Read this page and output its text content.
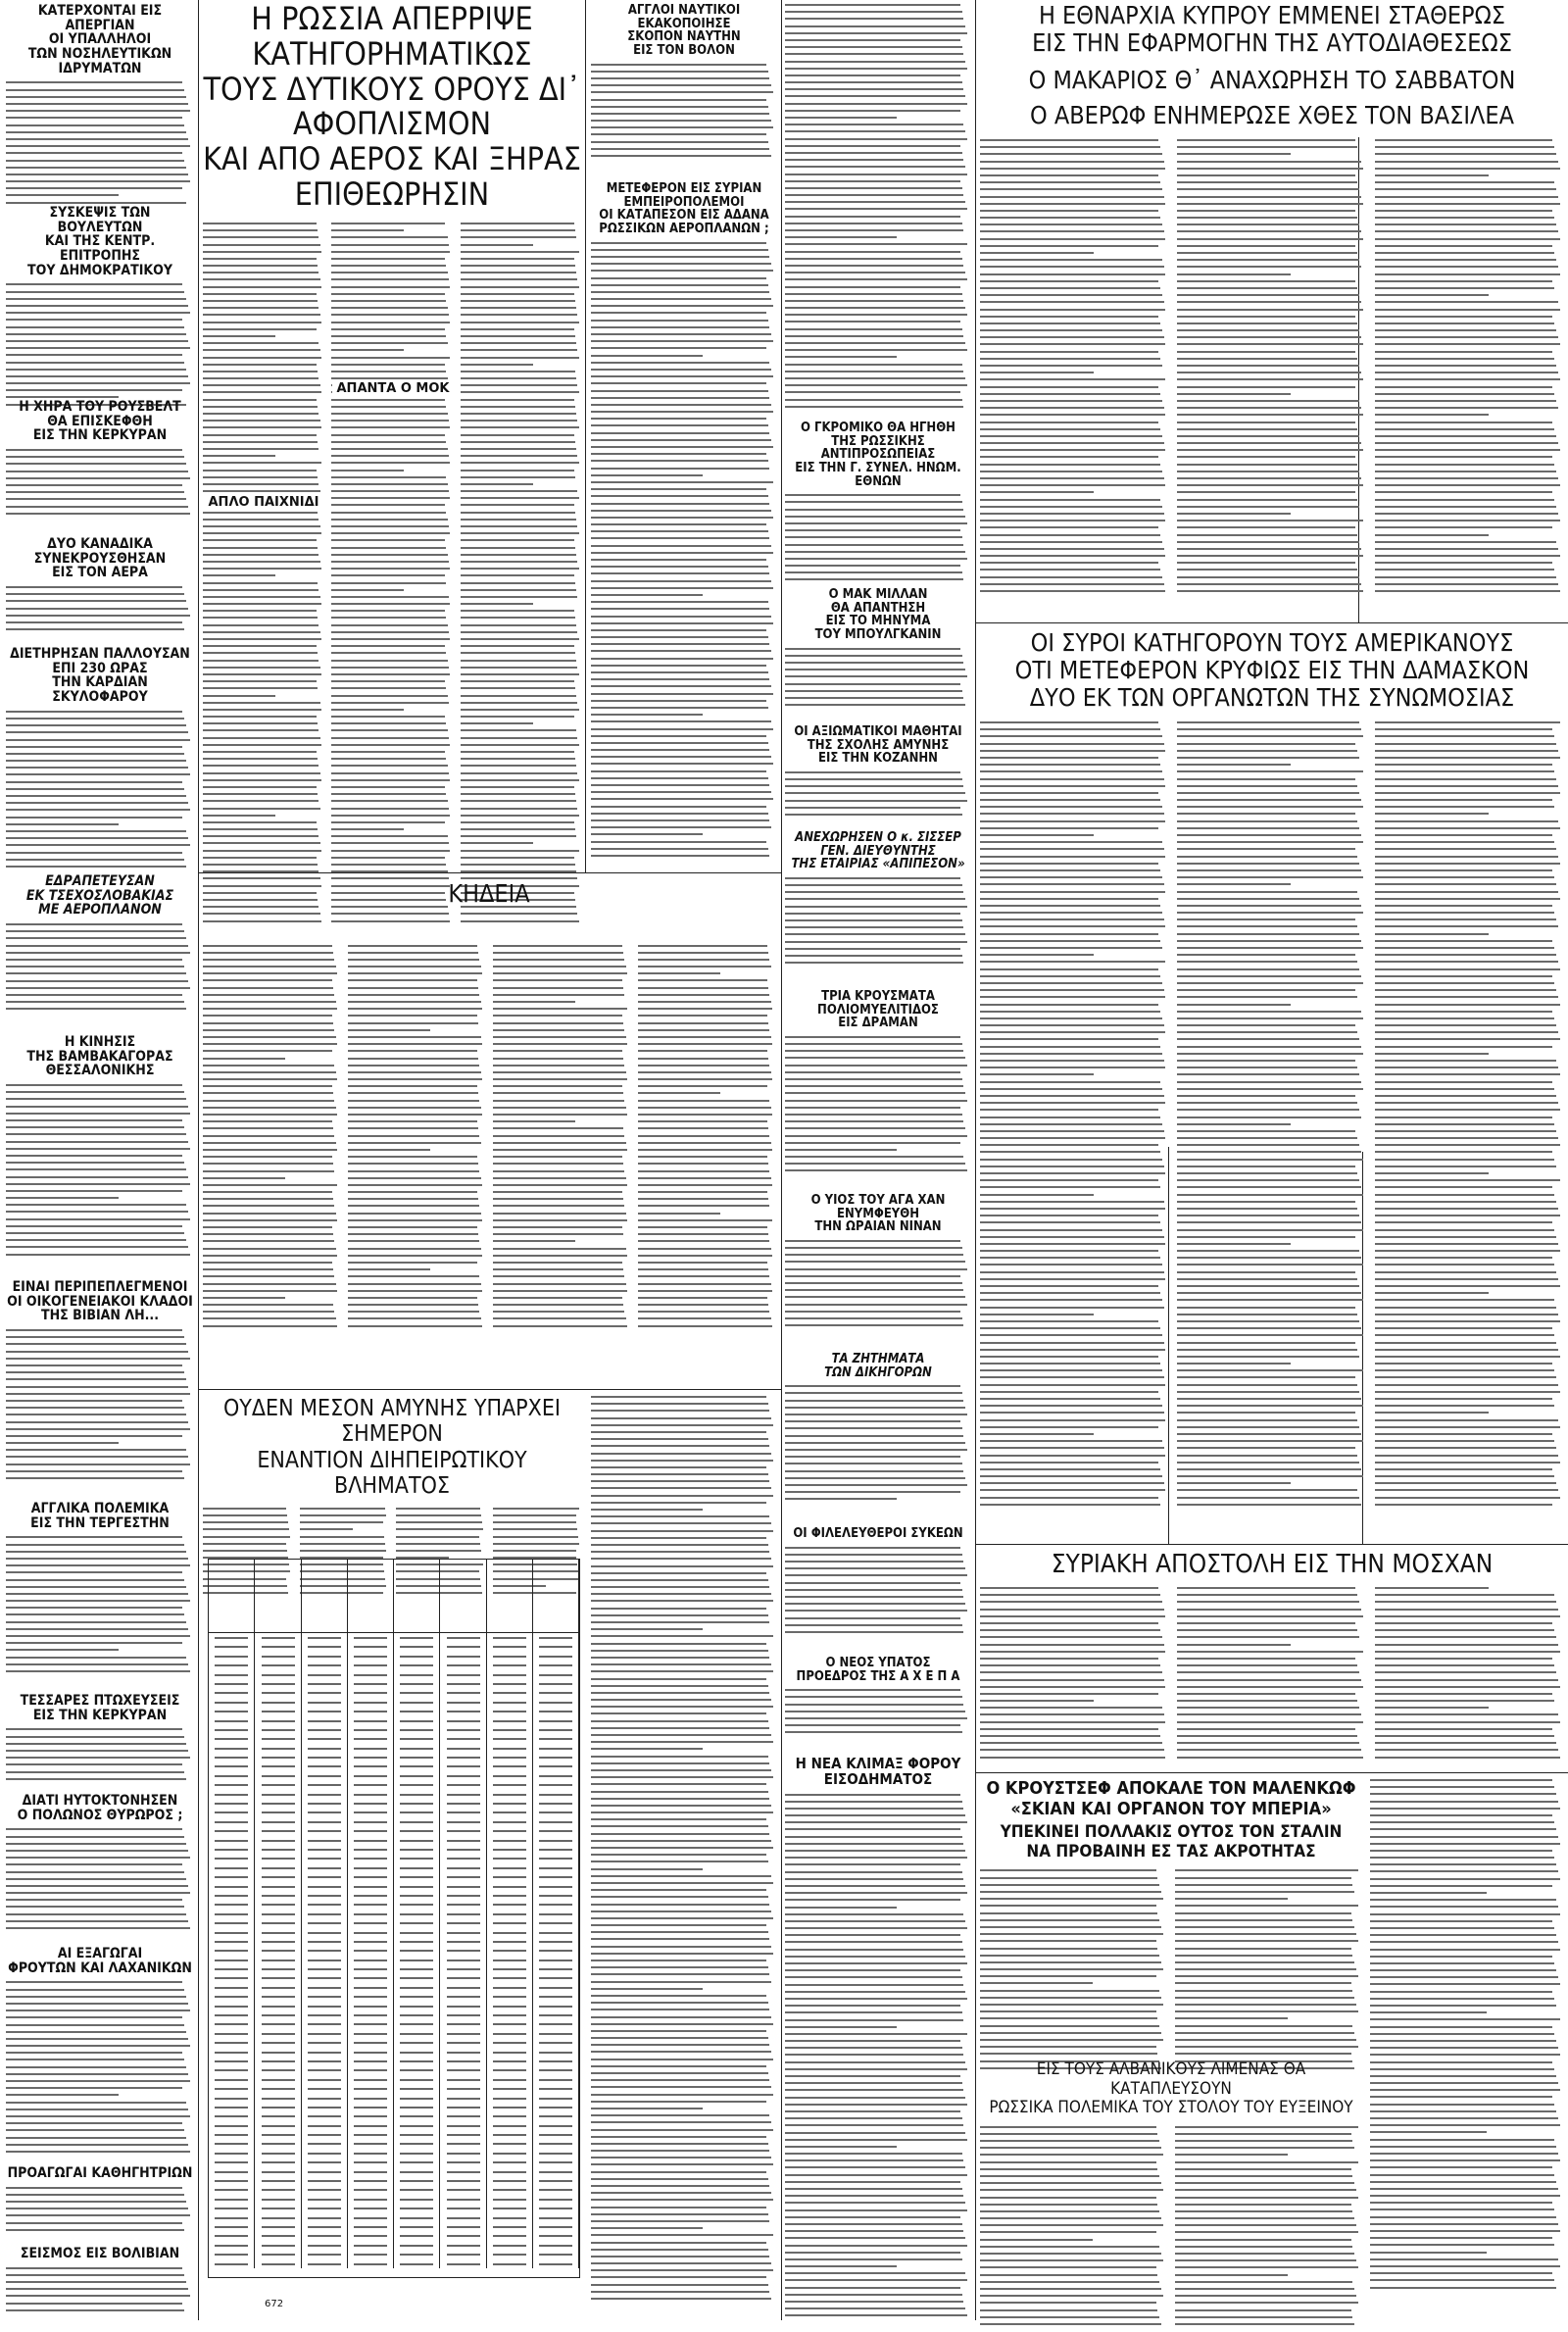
ΚΑΤΕΡΧΟΝΤΑΙ ΕΙΣ ΑΠΕΡΓΙΑΝ
ΟΙ ΥΠΑΛΛΗΛΟΙ
ΤΩΝ ΝΟΣΗΛΕΥΤΙΚΩΝ
ΙΔΡΥΜΑΤΩΝ

ΣΥΣΚΕΨΙΣ ΤΩΝ ΒΟΥΛΕΥΤΩΝ
ΚΑΙ ΤΗΣ ΚΕΝΤΡ. ΕΠΙΤΡΟΠΗΣ
ΤΟΥ ΔΗΜΟΚΡΑΤΙΚΟΥ

Η ΧΗΡΑ ΤΟΥ ΡΟΥΣΒΕΛΤ
ΘΑ ΕΠΙΣΚΕΦΘΗ
ΕΙΣ ΤΗΝ ΚΕΡΚΥΡΑΝ

ΔΥΟ ΚΑΝΑΔΙΚΑ
ΣΥΝΕΚΡΟΥΣΘΗΣΑΝ
ΕΙΣ ΤΟΝ ΑΕΡΑ

ΔΙΕΤΗΡΗΣΑΝ ΠΑΛΛΟΥΣΑΝ
ΕΠΙ 230 ΩΡΑΣ
ΤΗΝ ΚΑΡΔΙΑΝ ΣΚΥΛΟΦΑΡΟΥ

ΕΔΡΑΠΕΤΕΥΣΑΝ
ΕΚ ΤΣΕΧΟΣΛΟΒΑΚΙΑΣ
ΜΕ ΑΕΡΟΠΛΑΝΟΝ

Η ΚΙΝΗΣΙΣ
ΤΗΣ ΒΑΜΒΑΚΑΓΟΡΑΣ
ΘΕΣΣΑΛΟΝΙΚΗΣ

ΕΙΝΑΙ ΠΕΡΙΠΕΠΛΕΓΜΕΝΟΙ
ΟΙ ΟΙΚΟΓΕΝΕΙΑΚΟΙ ΚΛΑΔΟΙ
ΤΗΣ ΒΙΒΙΑΝ ΛΗ...

ΑΓΓΛΙΚΑ ΠΟΛΕΜΙΚΑ
ΕΙΣ ΤΗΝ ΤΕΡΓΕΣΤΗΝ

ΤΕΣΣΑΡΕΣ ΠΤΩΧΕΥΣΕΙΣ
ΕΙΣ ΤΗΝ ΚΕΡΚΥΡΑΝ

ΔΙΑΤΙ ΗΥΤΟΚΤΟΝΗΣΕΝ
Ο ΠΟΛΩΝΟΣ ΘΥΡΩΡΟΣ ;

ΑΙ ΕΞΑΓΩΓΑΙ
ΦΡΟΥΤΩΝ ΚΑΙ ΛΑΧΑΝΙΚΩΝ

ΠΡΟΑΓΩΓΑΙ ΚΑΘΗΓΗΤΡΙΩΝ

ΣΕΙΣΜΟΣ ΕΙΣ ΒΟΛΙΒΙΑΝ

Η ΡΩΣΣΙΑ ΑΠΕΡΡΙΨΕ ΚΑΤΗΓΟΡΗΜΑΤΙΚΩΣ
ΤΟΥΣ ΔΥΤΙΚΟΥΣ ΟΡΟΥΣ ΔΙ᾿ ΑΦΟΠΛΙΣΜΟΝ
ΚΑΙ ΑΠΟ ΑΕΡΟΣ ΚΑΙ ΞΗΡΑΣ ΕΠΙΘΕΩΡΗΣΙΝ

ΑΠΛΟ ΠΑΙΧΝΙΔΙ
ΑΠΑΝΤΑ Ο ΜΟΚ

ΑΓΓΛΟΙ ΝΑΥΤΙΚΟΙ
ΕΚΑΚΟΠΟΙΗΣΕ
ΣΚΟΠΟΝ ΝΑΥΤΗΝ
ΕΙΣ ΤΟΝ ΒΟΛΟΝ

ΜΕΤΕΦΕΡΟΝ ΕΙΣ ΣΥΡΙΑΝ
ΕΜΠΕΙΡΟΠΟΛΕΜΟΙ
ΟΙ ΚΑΤΑΠΕΣΟΝ ΕΙΣ ΑΔΑΝΑ
ΡΩΣΣΙΚΩΝ ΑΕΡΟΠΛΑΝΩΝ ;

ΚΗΔΕΙΑ

ΟΥΔΕΝ ΜΕΣΟΝ ΑΜΥΝΗΣ ΥΠΑΡΧΕΙ ΣΗΜΕΡΟΝ
ΕΝΑΝΤΙΟΝ ΔΙΗΠΕΙΡΩΤΙΚΟΥ ΒΛΗΜΑΤΟΣ

672

Ο ΓΚΡΟΜΙΚΟ ΘΑ ΗΓΗΘΗ
ΤΗΣ ΡΩΣΣΙΚΗΣ
ΑΝΤΙΠΡΟΣΩΠΕΙΑΣ
ΕΙΣ ΤΗΝ Γ. ΣΥΝΕΛ. ΗΝΩΜ. ΕΘΝΩΝ

Ο ΜΑΚ ΜΙΛΛΑΝ
ΘΑ ΑΠΑΝΤΗΣΗ
ΕΙΣ ΤΟ ΜΗΝΥΜΑ
ΤΟΥ ΜΠΟΥΛΓΚΑΝΙΝ

ΟΙ ΑΞΙΩΜΑΤΙΚΟΙ ΜΑΘΗΤΑΙ
ΤΗΣ ΣΧΟΛΗΣ ΑΜΥΝΗΣ
ΕΙΣ ΤΗΝ ΚΟΖΑΝΗΝ

ΑΝΕΧΩΡΗΣΕΝ Ο κ. ΣΙΣΣΕΡ
ΓΕΝ. ΔΙΕΥΘΥΝΤΗΣ
ΤΗΣ ΕΤΑΙΡΙΑΣ «ΑΠΙΠΕΣΟΝ»

ΤΡΙΑ ΚΡΟΥΣΜΑΤΑ
ΠΟΛΙΟΜΥΕΛΙΤΙΔΟΣ
ΕΙΣ ΔΡΑΜΑΝ

Ο ΥΙΟΣ ΤΟΥ ΑΓΑ ΧΑΝ
ΕΝΥΜΦΕΥΘΗ
ΤΗΝ ΩΡΑΙΑΝ ΝΙΝΑΝ

ΤΑ ΖΗΤΗΜΑΤΑ
ΤΩΝ ΔΙΚΗΓΟΡΩΝ

ΟΙ ΦΙΛΕΛΕΥΘΕΡΟΙ ΣΥΚΕΩΝ

Ο ΝΕΟΣ ΥΠΑΤΟΣ
ΠΡΟΕΔΡΟΣ ΤΗΣ Α Χ Ε Π Α

Η ΝΕΑ ΚΛΙΜΑΞ ΦΟΡΟΥ ΕΙΣΟΔΗΜΑΤΟΣ

Η ΕΘΝΑΡΧΙΑ ΚΥΠΡΟΥ ΕΜΜΕΝΕΙ ΣΤΑΘΕΡΩΣ
ΕΙΣ ΤΗΝ ΕΦΑΡΜΟΓΗΝ ΤΗΣ ΑΥΤΟΔΙΑΘΕΣΕΩΣ

Ο ΜΑΚΑΡΙΟΣ Θ᾿ ΑΝΑΧΩΡΗΣΗ ΤΟ ΣΑΒΒΑΤΟΝ

Ο ΑΒΕΡΩΦ ΕΝΗΜΕΡΩΣΕ ΧΘΕΣ ΤΟΝ ΒΑΣΙΛΕΑ

ΟΙ ΣΥΡΟΙ ΚΑΤΗΓΟΡΟΥΝ ΤΟΥΣ ΑΜΕΡΙΚΑΝΟΥΣ
ΟΤΙ ΜΕΤΕΦΕΡΟΝ ΚΡΥΦΙΩΣ ΕΙΣ ΤΗΝ ΔΑΜΑΣΚΟΝ
ΔΥΟ ΕΚ ΤΩΝ ΟΡΓΑΝΩΤΩΝ ΤΗΣ ΣΥΝΩΜΟΣΙΑΣ

ΣΥΡΙΑΚΗ ΑΠΟΣΤΟΛΗ ΕΙΣ ΤΗΝ ΜΟΣΧΑΝ

Ο ΚΡΟΥΣΤΣΕΦ ΑΠΟΚΑΛΕ ΤΟΝ ΜΑΛΕΝΚΩΦ
«ΣΚΙΑΝ ΚΑΙ ΟΡΓΑΝΟΝ ΤΟΥ ΜΠΕΡΙΑ»

ΥΠΕΚΙΝΕΙ ΠΟΛΛΑΚΙΣ ΟΥΤΟΣ ΤΟΝ ΣΤΑΛΙΝ
ΝΑ ΠΡΟΒΑΙΝΗ ΕΣ ΤΑΣ ΑΚΡΟΤΗΤΑΣ

ΕΙΣ ΤΟΥΣ ΑΛΒΑΝΙΚΟΥΣ ΛΙΜΕΝΑΣ ΘΑ ΚΑΤΑΠΛΕΥΣΟΥΝ
ΡΩΣΣΙΚΑ ΠΟΛΕΜΙΚΑ ΤΟΥ ΣΤΟΛΟΥ ΤΟΥ ΕΥΞΕΙΝΟΥ
